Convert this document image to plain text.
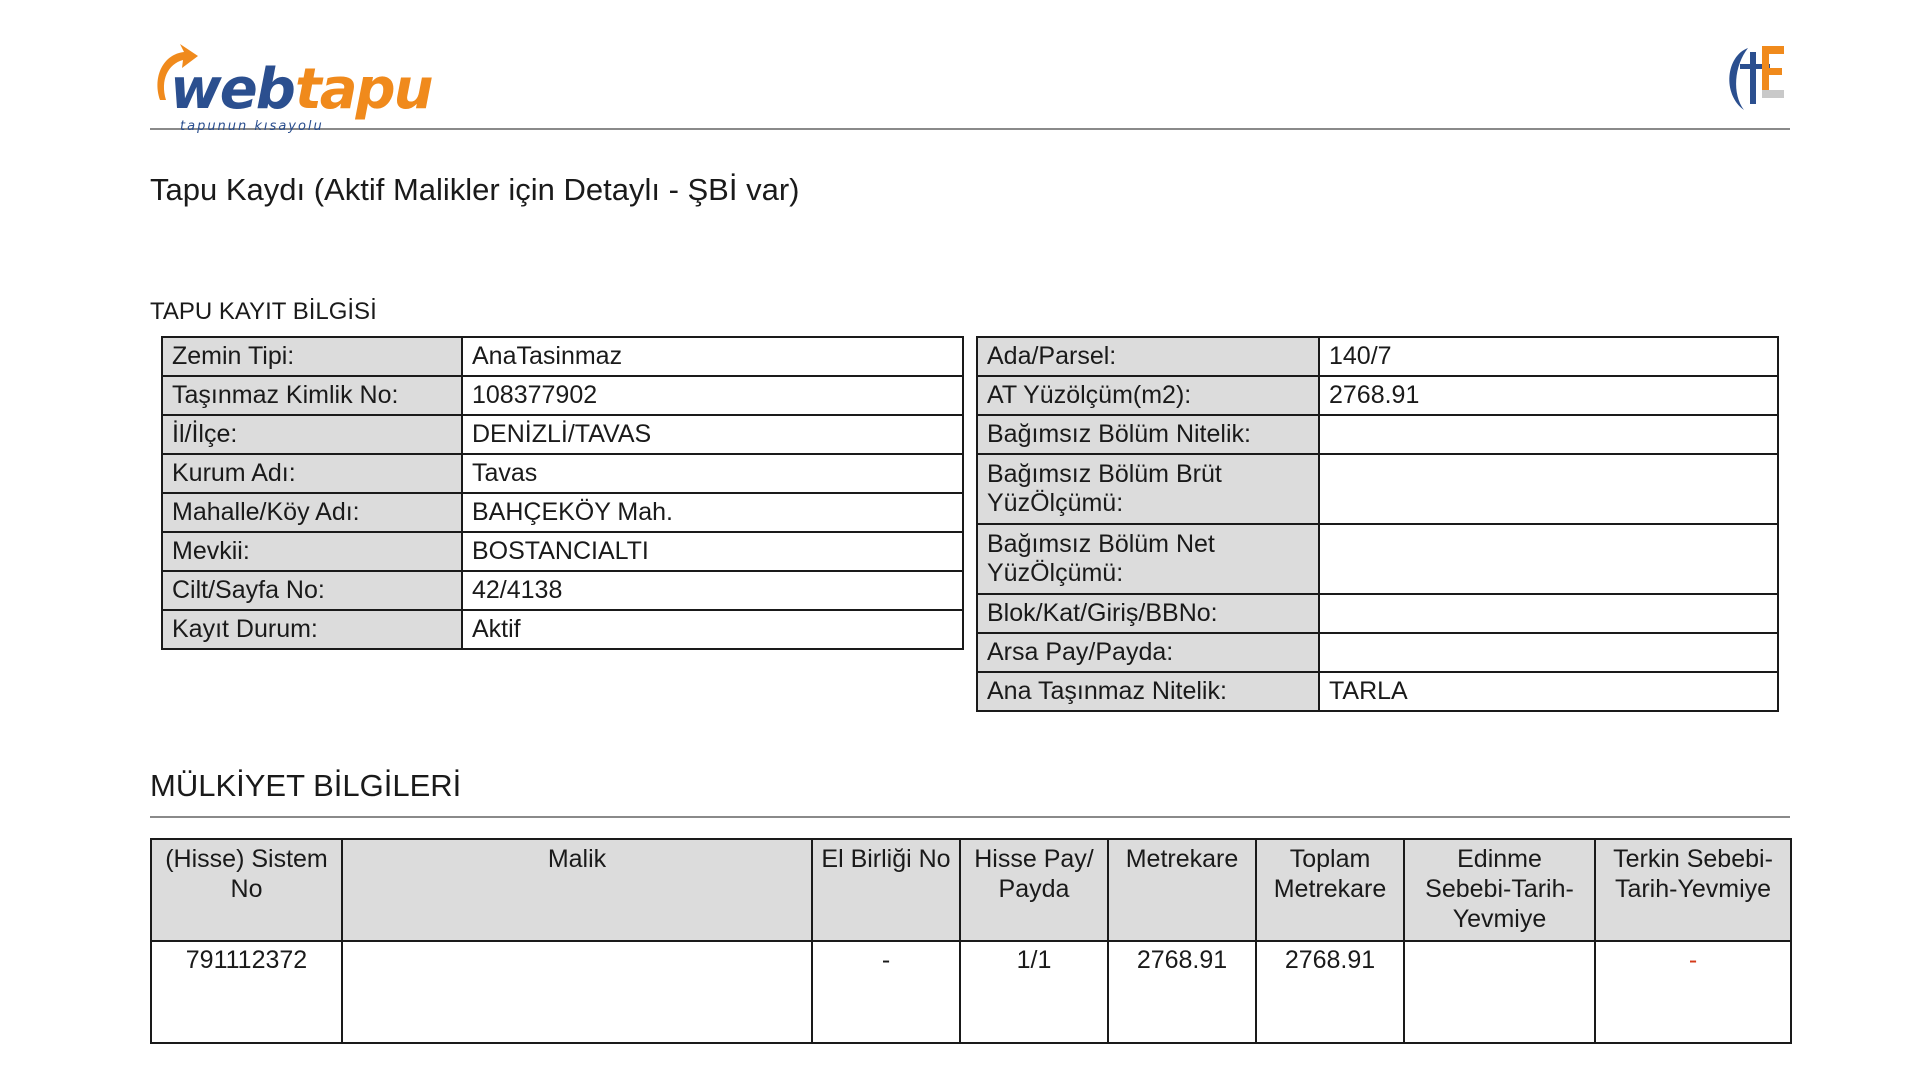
web tapu
tapunun kısayolu
Tapu Kaydı (Aktif Malikler için Detaylı - ŞBİ var)
TAPU KAYIT BİLGİSİ
Zemin Tipi:	AnaTasinmaz
Taşınmaz Kimlik No:	108377902
İl/İlçe:	DENİZLİ/TAVAS
Kurum Adı:	Tavas
Mahalle/Köy Adı:	BAHÇEKÖY Mah.
Mevkii:	BOSTANCIALTI
Cilt/Sayfa No:	42/4138
Kayıt Durum:	Aktif
Ada/Parsel:	140/7
AT Yüzölçüm(m2):	2768.91
Bağımsız Bölüm Nitelik:	
Bağımsız Bölüm Brüt YüzÖlçümü:	
Bağımsız Bölüm Net YüzÖlçümü:	
Blok/Kat/Giriş/BBNo:	
Arsa Pay/Payda:	
Ana Taşınmaz Nitelik:	TARLA
MÜLKİYET BİLGİLERİ
(Hisse) Sistem No	Malik	El Birliği No	Hisse Pay/ Payda	Metrekare	Toplam Metrekare	Edinme Sebebi-Tarih-Yevmiye	Terkin Sebebi-Tarih-Yevmiye
791112372		-	1/1	2768.91	2768.91		-
